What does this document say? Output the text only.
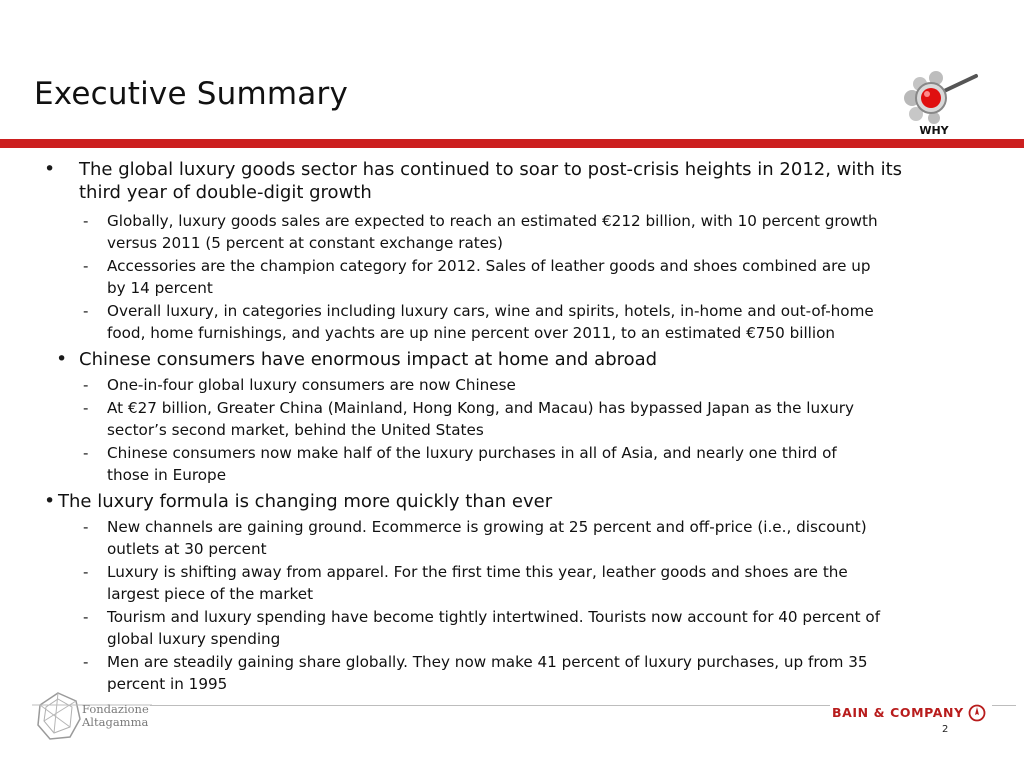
Executive Summary
WHY
• The global luxury goods sector has continued to soar to post-crisis heights in 2012, with its
third year of double-digit growth
- Globally, luxury goods sales are expected to reach an estimated €212 billion, with 10 percent growth
versus 2011 (5 percent at constant exchange rates)
- Accessories are the champion category for 2012. Sales of leather goods and shoes combined are up
by 14 percent
- Overall luxury, in categories including luxury cars, wine and spirits, hotels, in-home and out-of-home
food, home furnishings, and yachts are up nine percent over 2011, to an estimated €750 billion
• Chinese consumers have enormous impact at home and abroad
- One-in-four global luxury consumers are now Chinese
- At €27 billion, Greater China (Mainland, Hong Kong, and Macau) has bypassed Japan as the luxury
sector’s second market, behind the United States
- Chinese consumers now make half of the luxury purchases in all of Asia, and nearly one third of
those in Europe
• The luxury formula is changing more quickly than ever
- New channels are gaining ground. Ecommerce is growing at 25 percent and off-price (i.e., discount)
outlets at 30 percent
- Luxury is shifting away from apparel. For the first time this year, leather goods and shoes are the
largest piece of the market
- Tourism and luxury spending have become tightly intertwined. Tourists now account for 40 percent of
global luxury spending
- Men are steadily gaining share globally. They now make 41 percent of luxury purchases, up from 35
percent in 1995
Fondazione
Altagamma
BAIN & COMPANY
2
